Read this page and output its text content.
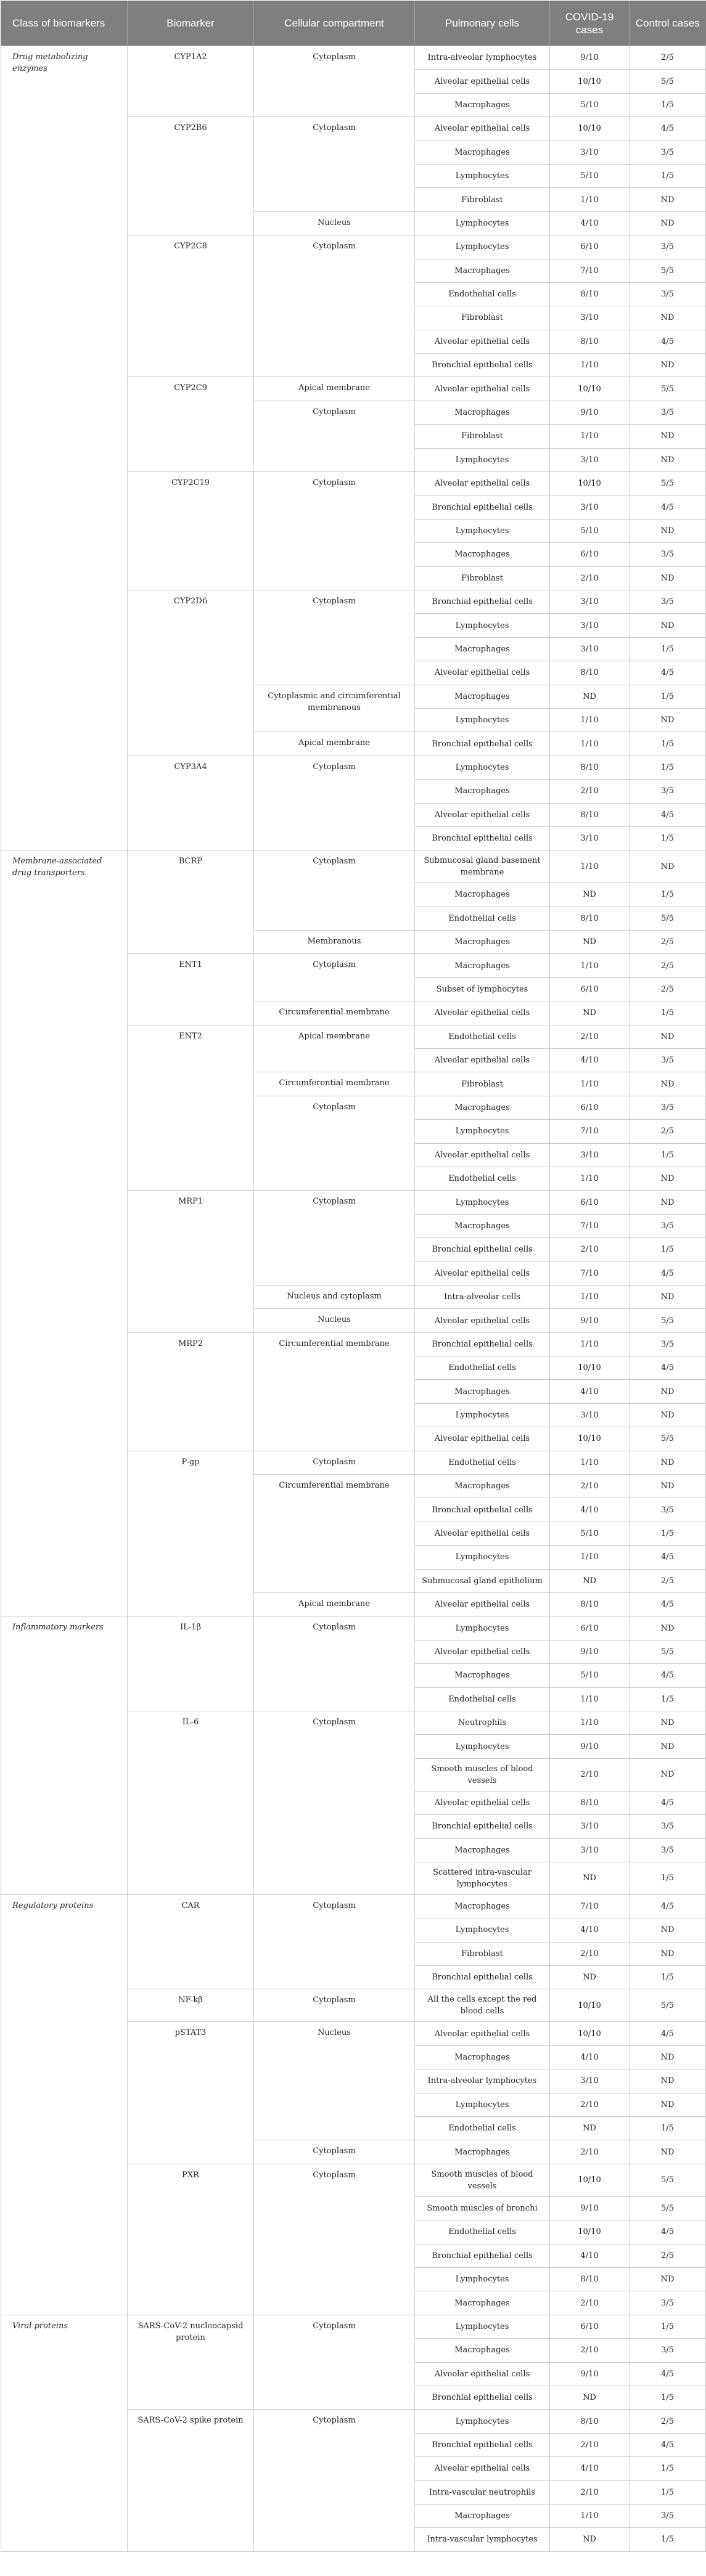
Class of biomarkers	Biomarker	Cellular compartment	Pulmonary cells	COVID-19 cases	Control cases
Drug metabolizing enzymes	CYP1A2	Cytoplasm	Intra-alveolar lymphocytes	9/10	2/5
			Alveolar epithelial cells	10/10	5/5
			Macrophages	5/10	1/5
	CYP2B6	Cytoplasm	Alveolar epithelial cells	10/10	4/5
			Macrophages	3/10	3/5
			Lymphocytes	5/10	1/5
			Fibroblast	1/10	ND
		Nucleus	Lymphocytes	4/10	ND
	CYP2C8	Cytoplasm	Lymphocytes	6/10	3/5
			Macrophages	7/10	5/5
			Endothelial cells	8/10	3/5
			Fibroblast	3/10	ND
			Alveolar epithelial cells	8/10	4/5
			Bronchial epithelial cells	1/10	ND
	CYP2C9	Apical membrane	Alveolar epithelial cells	10/10	5/5
		Cytoplasm	Macrophages	9/10	3/5
			Fibroblast	1/10	ND
			Lymphocytes	3/10	ND
	CYP2C19	Cytoplasm	Alveolar epithelial cells	10/10	5/5
			Bronchial epithelial cells	3/10	4/5
			Lymphocytes	5/10	ND
			Macrophages	6/10	3/5
			Fibroblast	2/10	ND
	CYP2D6	Cytoplasm	Bronchial epithelial cells	3/10	3/5
			Lymphocytes	3/10	ND
			Macrophages	3/10	1/5
			Alveolar epithelial cells	8/10	4/5
		Cytoplasmic and circumferential membranous	Macrophages	ND	1/5
			Lymphocytes	1/10	ND
		Apical membrane	Bronchial epithelial cells	1/10	1/5
	CYP3A4	Cytoplasm	Lymphocytes	8/10	1/5
			Macrophages	2/10	3/5
			Alveolar epithelial cells	8/10	4/5
			Bronchial epithelial cells	3/10	1/5
Membrane-associated drug transporters	BCRP	Cytoplasm	Submucosal gland basement membrane	1/10	ND
			Macrophages	ND	1/5
			Endothelial cells	8/10	5/5
		Membranous	Macrophages	ND	2/5
	ENT1	Cytoplasm	Macrophages	1/10	2/5
			Subset of lymphocytes	6/10	2/5
		Circumferential membrane	Alveolar epithelial cells	ND	1/5
	ENT2	Apical membrane	Endothelial cells	2/10	ND
			Alveolar epithelial cells	4/10	3/5
		Circumferential membrane	Fibroblast	1/10	ND
		Cytoplasm	Macrophages	6/10	3/5
			Lymphocytes	7/10	2/5
			Alveolar epithelial cells	3/10	1/5
			Endothelial cells	1/10	ND
	MRP1	Cytoplasm	Lymphocytes	6/10	ND
			Macrophages	7/10	3/5
			Bronchial epithelial cells	2/10	1/5
			Alveolar epithelial cells	7/10	4/5
		Nucleus and cytoplasm	Intra-alveolar cells	1/10	ND
		Nucleus	Alveolar epithelial cells	9/10	5/5
	MRP2	Circumferential membrane	Bronchial epithelial cells	1/10	3/5
			Endothelial cells	10/10	4/5
			Macrophages	4/10	ND
			Lymphocytes	3/10	ND
			Alveolar epithelial cells	10/10	5/5
	P-gp	Cytoplasm	Endothelial cells	1/10	ND
		Circumferential membrane	Macrophages	2/10	ND
			Bronchial epithelial cells	4/10	3/5
			Alveolar epithelial cells	5/10	1/5
			Lymphocytes	1/10	4/5
			Submucosal gland epithelium	ND	2/5
		Apical membrane	Alveolar epithelial cells	8/10	4/5
Inflammatory markers	IL-1β	Cytoplasm	Lymphocytes	6/10	ND
			Alveolar epithelial cells	9/10	5/5
			Macrophages	5/10	4/5
			Endothelial cells	1/10	1/5
	IL-6	Cytoplasm	Neutrophils	1/10	ND
			Lymphocytes	9/10	ND
			Smooth muscles of blood vessels	2/10	ND
			Alveolar epithelial cells	8/10	4/5
			Bronchial epithelial cells	3/10	3/5
			Macrophages	3/10	3/5
			Scattered intra-vascular lymphocytes	ND	1/5
Regulatory proteins	CAR	Cytoplasm	Macrophages	7/10	4/5
			Lymphocytes	4/10	ND
			Fibroblast	2/10	ND
			Bronchial epithelial cells	ND	1/5
	NF-kβ	Cytoplasm	All the cells except the red blood cells	10/10	5/5
	pSTAT3	Nucleus	Alveolar epithelial cells	10/10	4/5
			Macrophages	4/10	ND
			Intra-alveolar lymphocytes	3/10	ND
			Lymphocytes	2/10	ND
			Endothelial cells	ND	1/5
		Cytoplasm	Macrophages	2/10	ND
	PXR	Cytoplasm	Smooth muscles of blood vessels	10/10	5/5
			Smooth muscles of bronchi	9/10	5/5
			Endothelial cells	10/10	4/5
			Bronchial epithelial cells	4/10	2/5
			Lymphocytes	8/10	ND
			Macrophages	2/10	3/5
Viral proteins	SARS-CoV-2 nucleocapsid protein	Cytoplasm	Lymphocytes	6/10	1/5
			Macrophages	2/10	3/5
			Alveolar epithelial cells	9/10	4/5
			Bronchial epithelial cells	ND	1/5
	SARS-CoV-2 spike protein	Cytoplasm	Lymphocytes	8/10	2/5
			Bronchial epithelial cells	2/10	4/5
			Alveolar epithelial cells	4/10	1/5
			Intra-vascular neutrophils	2/10	1/5
			Macrophages	1/10	3/5
			Intra-vascular lymphocytes	ND	1/5
